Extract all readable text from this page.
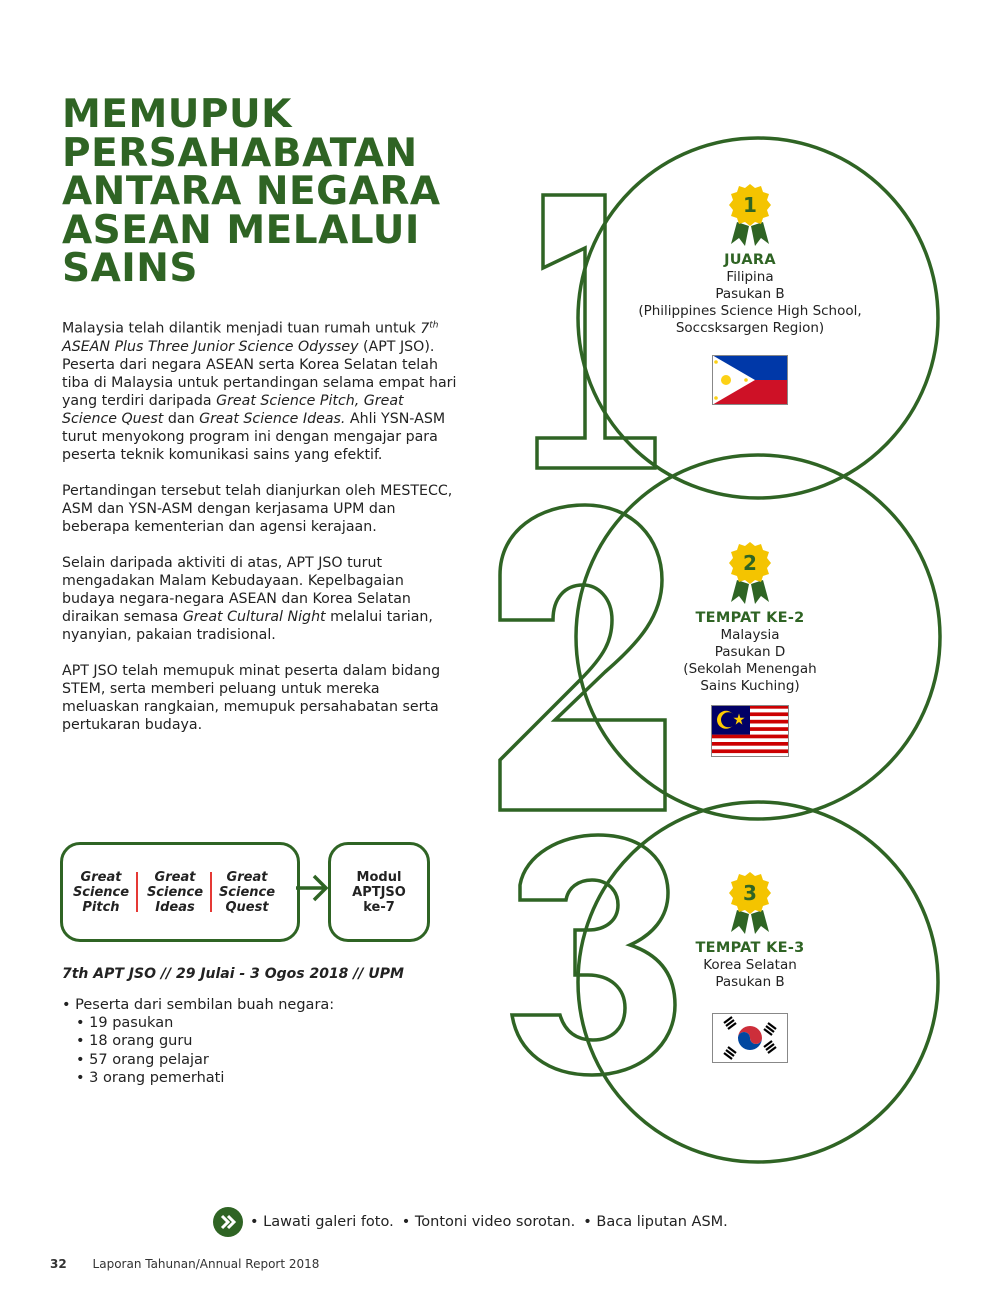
MEMUPUK
PERSAHABATAN
ANTARA NEGARA
ASEAN MELALUI
SAINS

Malaysia telah dilantik menjadi tuan rumah untuk 7th ASEAN Plus Three Junior Science Odyssey (APT JSO). Peserta dari negara ASEAN serta Korea Selatan telah tiba di Malaysia untuk pertandingan selama empat hari yang terdiri daripada Great Science Pitch, Great Science Quest dan Great Science Ideas. Ahli YSN-ASM turut menyokong program ini dengan mengajar para peserta teknik komunikasi sains yang efektif.

Pertandingan tersebut telah dianjurkan oleh MESTECC, ASM dan YSN-ASM dengan kerjasama UPM dan beberapa kementerian dan agensi kerajaan.

Selain daripada aktiviti di atas, APT JSO turut mengadakan Malam Kebudayaan. Kepelbagaian budaya negara-negara ASEAN dan Korea Selatan diraikan semasa Great Cultural Night melalui tarian, nyanyian, pakaian tradisional.

APT JSO telah memupuk minat peserta dalam bidang STEM, serta memberi peluang untuk mereka meluaskan rangkaian, memupuk persahabatan serta pertukaran budaya.

Great
Science
Pitch
Great
Science
Ideas
Great
Science
Quest
Modul
APTJSO
ke-7

7th APT JSO // 29 Julai - 3 Ogos 2018 // UPM

• Peserta dari sembilan buah negara:
• 19 pasukan
• 18 orang guru
• 57 orang pelajar
• 3 orang pemerhati
1
JUARA
Filipina
Pasukan B
(Philippines Science High School,
Soccsksargen Region)
2
TEMPAT KE-2
Malaysia
Pasukan D
(Sekolah Menengah
Sains Kuching)
3
TEMPAT KE-3
Korea Selatan
Pasukan B
• Lawati galeri foto. • Tontoni video sorotan. • Baca liputan ASM.
32 Laporan Tahunan/Annual Report 2018
